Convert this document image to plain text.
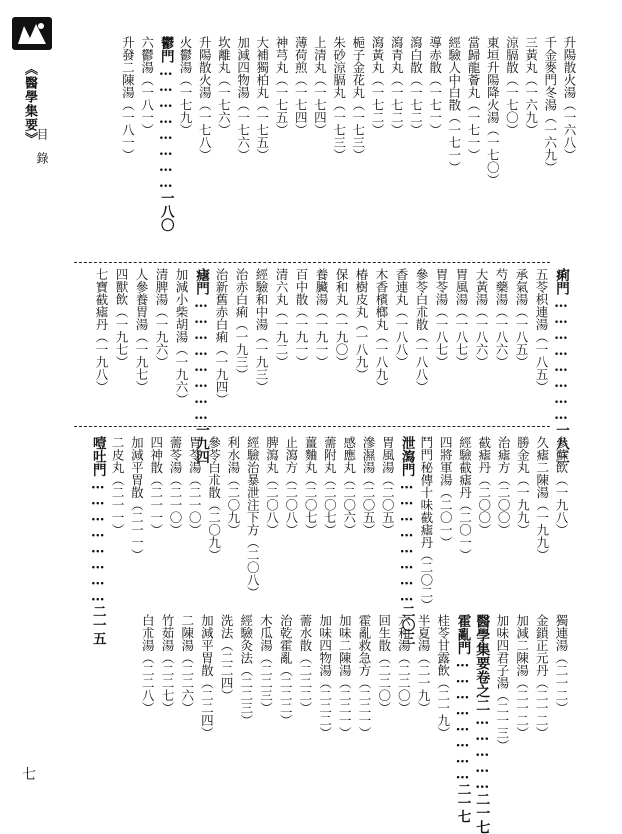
《醫學集要》
目錄
七
升陽散火湯（一六八）
千金麥門冬湯（一六九）
三黃丸（一六九）
涼膈散（一七〇）
東垣升陽降火湯（一七〇）
當歸龍薈丸（一七一）
經驗人中白散（一七一）
導赤散（一七一）
瀉白散（一七二）
瀉青丸（一七二）
瀉黃丸（一七二）
梔子金花丸（一七三）
朱砂涼膈丸（一七三）
上清丸（一七四）
薄荷煎（一七四）
神芎丸（一七五）
大補獨柏丸（一七五）
加減四物湯（一七六）
坎離丸（一七六）
升陽散火湯（一七八）
火鬱湯（一七九）
鬱門……………………一八〇
六鬱湯（一八一）
升發二陳湯（一八一）
痢門……………………一八三
五苓枳連湯（一八五）
承氣湯（一八五）
芍藥湯（一八六）
大黃湯（一八六）
胃風湯（一八七）
胃苓湯（一八七）
參苓白朮散（一八八）
香連丸（一八八）
木香檳榔丸（一八九）
椿樹皮丸（一八九）
保和丸（一九〇）
養臟湯（一九一）
百中散（一九一）
清六丸（一九二）
經驗和中湯（一九三）
治赤白痢（一九三）
治新舊赤白痢（一九四）
瘧門……………………一九四
加減小柴胡湯（一九六）
清脾湯（一九六）
人參養胃湯（一九七）
四獸飲（一九七）
七寶截瘧丹（一九八）
參蘇飲（一九八）
久瘧二陳湯（一九九）
勝金丸（一九九）
治瘧方（二〇〇）
截瘧丹（二〇〇）
經驗截瘧丹（二〇一）
四將軍湯（二〇一）
鬥門秘傳十味截瘧丹（二〇二）
泄瀉門……………………二〇三
胃風湯（二〇五）
滲濕湯（二〇五）
感應丸（二〇六）
薷附丸（二〇七）
薑麯丸（二〇七）
止瀉方（二〇八）
脾瀉丸（二〇八）
經驗治暴泄注下方（二〇八）
利水湯（二〇九）
參苓白朮散（二〇九）
胃苓湯（二一〇）
薷苓湯（二一〇）
四神散（二一一）
加減平胃散（二一一）
二皮丸（二一一）
噎吐門……………………二一五
獨連湯（二一二）
金鎖正元丹（二一二）
加減二陳湯（二一二）
加味四君子湯（二一三）
醫學集要卷之二……………二一七
霍亂門……………………二一七
桂苓甘露飲（二一九）
半夏湯（二一九）
六和湯（二二〇）
回生散（二二〇）
霍亂救急方（二二一）
加味二陳湯（二二一）
加味四物湯（二二二）
薷水散（二二二）
治乾霍亂（二二二）
木瓜湯（二二三）
經驗灸法（二二三）
洗法（二二四）
加減平胃散（二二四）
二陳湯（二二六）
竹茹湯（二二七）
白朮湯（二二八）
